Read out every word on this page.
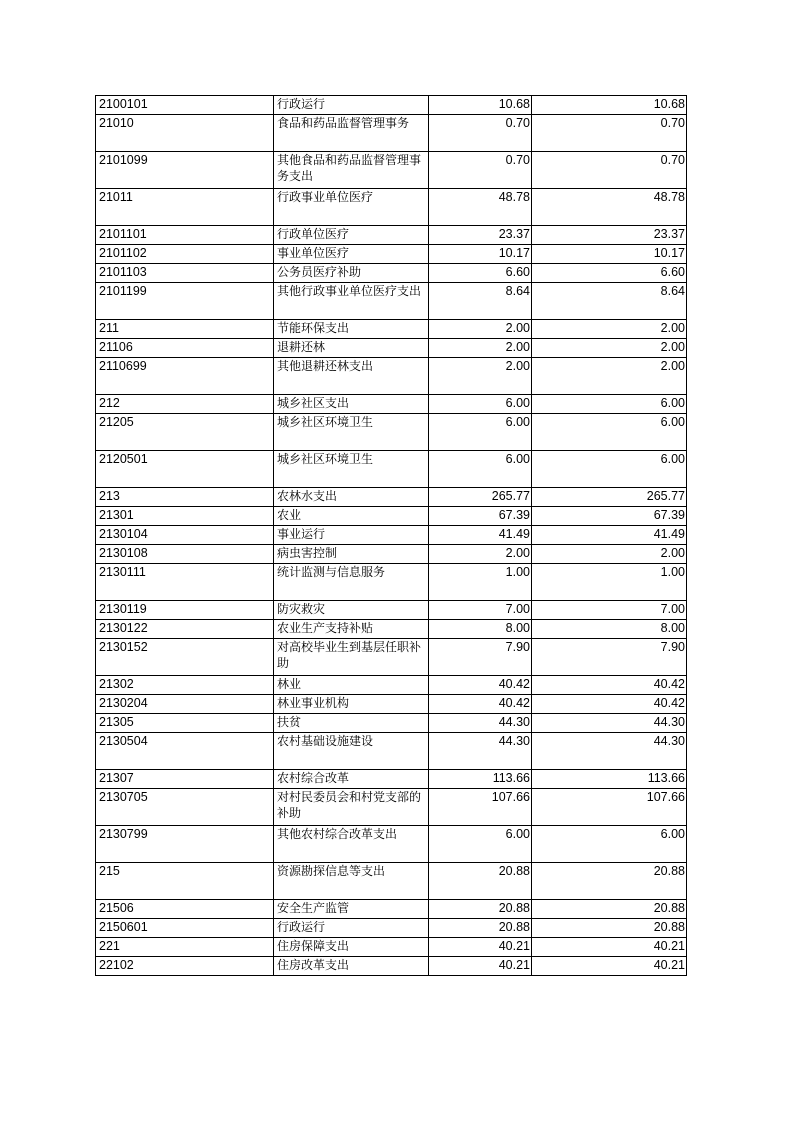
2100101	行政运行	10.68	10.68
21010	食品和药品监督管理事务	0.70	0.70
2101099	其他食品和药品监督管理事务支出	0.70	0.70
21011	行政事业单位医疗	48.78	48.78
2101101	行政单位医疗	23.37	23.37
2101102	事业单位医疗	10.17	10.17
2101103	公务员医疗补助	6.60	6.60
2101199	其他行政事业单位医疗支出	8.64	8.64
211	节能环保支出	2.00	2.00
21106	退耕还林	2.00	2.00
2110699	其他退耕还林支出	2.00	2.00
212	城乡社区支出	6.00	6.00
21205	城乡社区环境卫生	6.00	6.00
2120501	城乡社区环境卫生	6.00	6.00
213	农林水支出	265.77	265.77
21301	农业	67.39	67.39
2130104	事业运行	41.49	41.49
2130108	病虫害控制	2.00	2.00
2130111	统计监测与信息服务	1.00	1.00
2130119	防灾救灾	7.00	7.00
2130122	农业生产支持补贴	8.00	8.00
2130152	对高校毕业生到基层任职补助	7.90	7.90
21302	林业	40.42	40.42
2130204	林业事业机构	40.42	40.42
21305	扶贫	44.30	44.30
2130504	农村基础设施建设	44.30	44.30
21307	农村综合改革	113.66	113.66
2130705	对村民委员会和村党支部的补助	107.66	107.66
2130799	其他农村综合改革支出	6.00	6.00
215	资源勘探信息等支出	20.88	20.88
21506	安全生产监管	20.88	20.88
2150601	行政运行	20.88	20.88
221	住房保障支出	40.21	40.21
22102	住房改革支出	40.21	40.21
